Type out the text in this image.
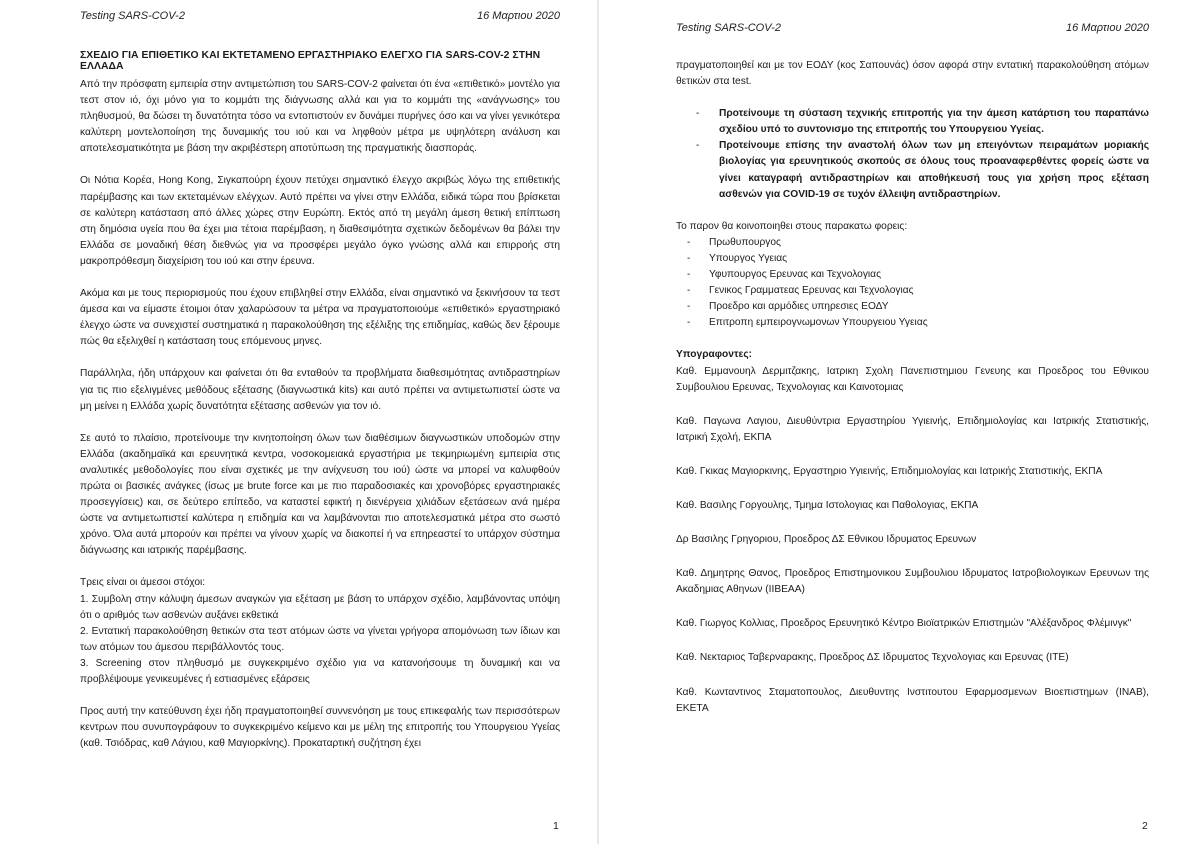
Testing SARS-COV-2	16 Μαρτιου 2020
ΣΧΕΔΙΟ ΓΙΑ ΕΠΙΘΕΤΙΚΟ ΚΑΙ ΕΚΤΕΤΑΜΕΝΟ ΕΡΓΑΣΤΗΡΙΑΚΟ ΕΛΕΓΧΟ ΓΙΑ SARS-COV-2 ΣΤΗΝ ΕΛΛΑΔΑ

Από την πρόσφατη εμπειρία στην αντιμετώπιση του SARS-COV-2 φαίνεται ότι ένα «επιθετικό» μοντέλο για τεστ στον ιό, όχι μόνο για το κομμάτι της διάγνωσης αλλά και για το κομμάτι της «ανάγνωσης» του πληθυσμού, θα δώσει τη δυνατότητα τόσο να εντοπιστούν εν δυνάμει πυρήνες όσο και να γίνει γενικότερα καλύτερη μοντελοποίηση της δυναμικής του ιού και να ληφθούν μέτρα με υψηλότερη ανάλυση και αποτελεσματικότητα με βάση την ακριβέστερη αποτύπωση της πραγματικής διασποράς.

Οι Νότια Κορέα, Hong Kong, Σιγκαπούρη έχουν πετύχει σημαντικό έλεγχο ακριβώς λόγω της επιθετικής παρέμβασης και των εκτεταμένων ελέγχων. Αυτό πρέπει να γίνει στην Ελλάδα, ειδικά τώρα που βρίσκεται σε καλύτερη κατάσταση από άλλες χώρες στην Ευρώπη. Εκτός από τη μεγάλη άμεση θετική επίπτωση στη δημόσια υγεία που θα έχει μια τέτοια παρέμβαση, η διαθεσιμότητα σχετικών δεδομένων θα βάλει την Ελλάδα σε μοναδική θέση διεθνώς για να προσφέρει μεγάλο όγκο γνώσης αλλά και επιρροής στη μακροπρόθεσμη διαχείριση του ιού και στην έρευνα.

Ακόμα και με τους περιορισμούς που έχουν επιβληθεί στην Ελλάδα, είναι σημαντικό να ξεκινήσουν τα τεστ άμεσα και να είμαστε έτοιμοι όταν χαλαρώσουν τα μέτρα να πραγματοποιούμε «επιθετικό» εργαστηριακό έλεγχο ώστε να συνεχιστεί συστηματικά η παρακολούθηση της εξέλιξης της επιδημίας, καθώς δεν ξέρουμε πώς θα εξελιχθεί η κατάσταση τους επόμενους μηνες.

Παράλληλα, ήδη υπάρχουν και φαίνεται ότι θα ενταθούν τα προβλήματα διαθεσιμότητας αντιδραστηρίων για τις πιο εξελιγμένες μεθόδους εξέτασης (διαγνωστικά kits) και αυτό πρέπει να αντιμετωπιστεί ώστε να μη μείνει η Ελλάδα χωρίς δυνατότητα εξέτασης ασθενών για τον ιό.

Σε αυτό το πλαίσιο, προτείνουμε την κινητοποίηση όλων των διαθέσιμων διαγνωστικών υποδομών στην Ελλάδα (ακαδημαϊκά και ερευνητικά κεντρα, νοσοκομειακά εργαστήρια με τεκμηριωμένη εμπειρία στις αναλυτικές μεθοδολογίες που είναι σχετικές με την ανίχνευση του ιού) ώστε να μπορεί να καλυφθούν πρώτα οι βασικές ανάγκες (ίσως με brute force και με πιο παραδοσιακές και χρονοβόρες εργαστηριακές προσεγγίσεις) και, σε δεύτερο επίπεδο, να καταστεί εφικτή η διενέργεια χιλιάδων εξετάσεων ανά ημέρα ώστε να αντιμετωπιστεί καλύτερα η επιδημία και να λαμβάνονται πιο αποτελεσματικά μέτρα στο σωστό χρόνο. Όλα αυτά μπορούν και πρέπει να γίνουν χωρίς να διακοπεί ή να επηρεαστεί το υπάρχον σύστημα διάγνωσης και ιατρικής παρέμβασης.

Τρεις είναι οι άμεσοι στόχοι:

1. Συμβολη στην κάλυψη άμεσων αναγκών για εξέταση με βάση το υπάρχον σχέδιο, λαμβάνοντας υπόψη ότι ο αριθμός των ασθενών αυξάνει εκθετικά

2. Εντατική παρακολούθηση θετικών στα τεστ ατόμων ώστε να γίνεται γρήγορα απομόνωση των ίδιων και των ατόμων του άμεσου περιβάλλοντός τους.

3. Screening στον πληθυσμό με συγκεκριμένο σχέδιο για να κατανοήσουμε τη δυναμική και να προβλέψουμε γενικευμένες ή εστιασμένες εξάρσεις

Προς αυτή την κατεύθυνση έχει ήδη πραγματοποιηθεί συννενόηση με τους επικεφαλής των περισσότερων κεντρων που συνυπογράφουν το συγκεκριμένο κείμενο και με μέλη της επιτροπής του Υπουργειου Υγείας (καθ. Τσιόδρας, καθ Λάγιου, καθ Μαγιορκίνης). Προκαταρτική συζήτηση έχει

1
Testing SARS-COV-2	16 Μαρτιου 2020

πραγματοποιηθεί και με τον ΕΟΔΥ (κος Σαπουνάς) όσον αφορά στην εντατική παρακολούθηση ατόμων θετικών στα test.

- Προτείνουμε τη σύσταση τεχνικής επιτροπής για την άμεση κατάρτιση του παραπάνω σχεδίου υπό το συντονισμο της επιτροπής του Υπουργειου Υγείας.
- Προτείνουμε επίσης την αναστολή όλων των μη επειγόντων πειραμάτων μοριακής βιολογίας για ερευνητικούς σκοπούς σε όλους τους προαναφερθέντες φορείς ώστε να γίνει καταγραφή αντιδραστηρίων και αποθήκευσή τους για χρήση προς εξέταση ασθενών για COVID-19 σε τυχόν έλλειψη αντιδραστηρίων.

Το παρον θα κοινοποιηθει στους παρακατω φορεις:

- Πρωθυπουργος
- Υπουργος Υγειας
- Υφυπουργος Ερευνας και Τεχνολογιας
- Γενικος Γραμματεας Ερευνας και Τεχνολογιας
- Προεδρο και αρμόδιες υπηρεσιες ΕΟΔΥ
- Επιτροπη εμπειρογνωμονων Υπουργειου Υγειας

Υπογραφοντες:

Καθ. Εμμανουηλ Δερμιτζακης, Ιατρικη Σχολη Πανεπιστημιου Γενευης και Προεδρος του Εθνικου Συμβουλιου Ερευνας, Τεχνολογιας και Καινοτομιας

Καθ. Παγωνα Λαγιου, Διευθύντρια Εργαστηρίου Υγιεινής, Επιδημιολογίας και Ιατρικής Στατιστικής, Ιατρική Σχολή, ΕΚΠΑ

Καθ. Γκικας Μαγιορκινης, Εργαστηριο Υγιεινής, Επιδημιολογίας και Ιατρικής Στατιστικής, ΕΚΠΑ

Καθ. Βασιλης Γοργουλης, Τμημα Ιστολογιας και Παθολογιας, ΕΚΠΑ

Δρ Βασιλης Γρηγοριου, Προεδρος ΔΣ Εθνικου Ιδρυματος Ερευνων

Καθ. Δημητρης Θανος, Προεδρος Επιστημονικου Συμβουλιου Ιδρυματος Ιατροβιολογικων Ερευνων της Ακαδημιας Αθηνων (ΙΙΒΕΑΑ)

Καθ. Γιωργος Κολλιας, Προεδρος Ερευνητικό Κέντρο Βιοϊατρικών Επιστημών "Αλέξανδρος Φλέμινγκ"

Καθ. Νεκταριος Ταβερναρακης, Προεδρος ΔΣ Ιδρυματος Τεχνολογιας και Ερευνας (ΙΤΕ)

Καθ. Κωνταντινος Σταματοπουλος, Διευθυντης Ινστιτουτου Εφαρμοσμενων Βιοεπιστημων (INAB), ΕΚΕΤΑ

2
